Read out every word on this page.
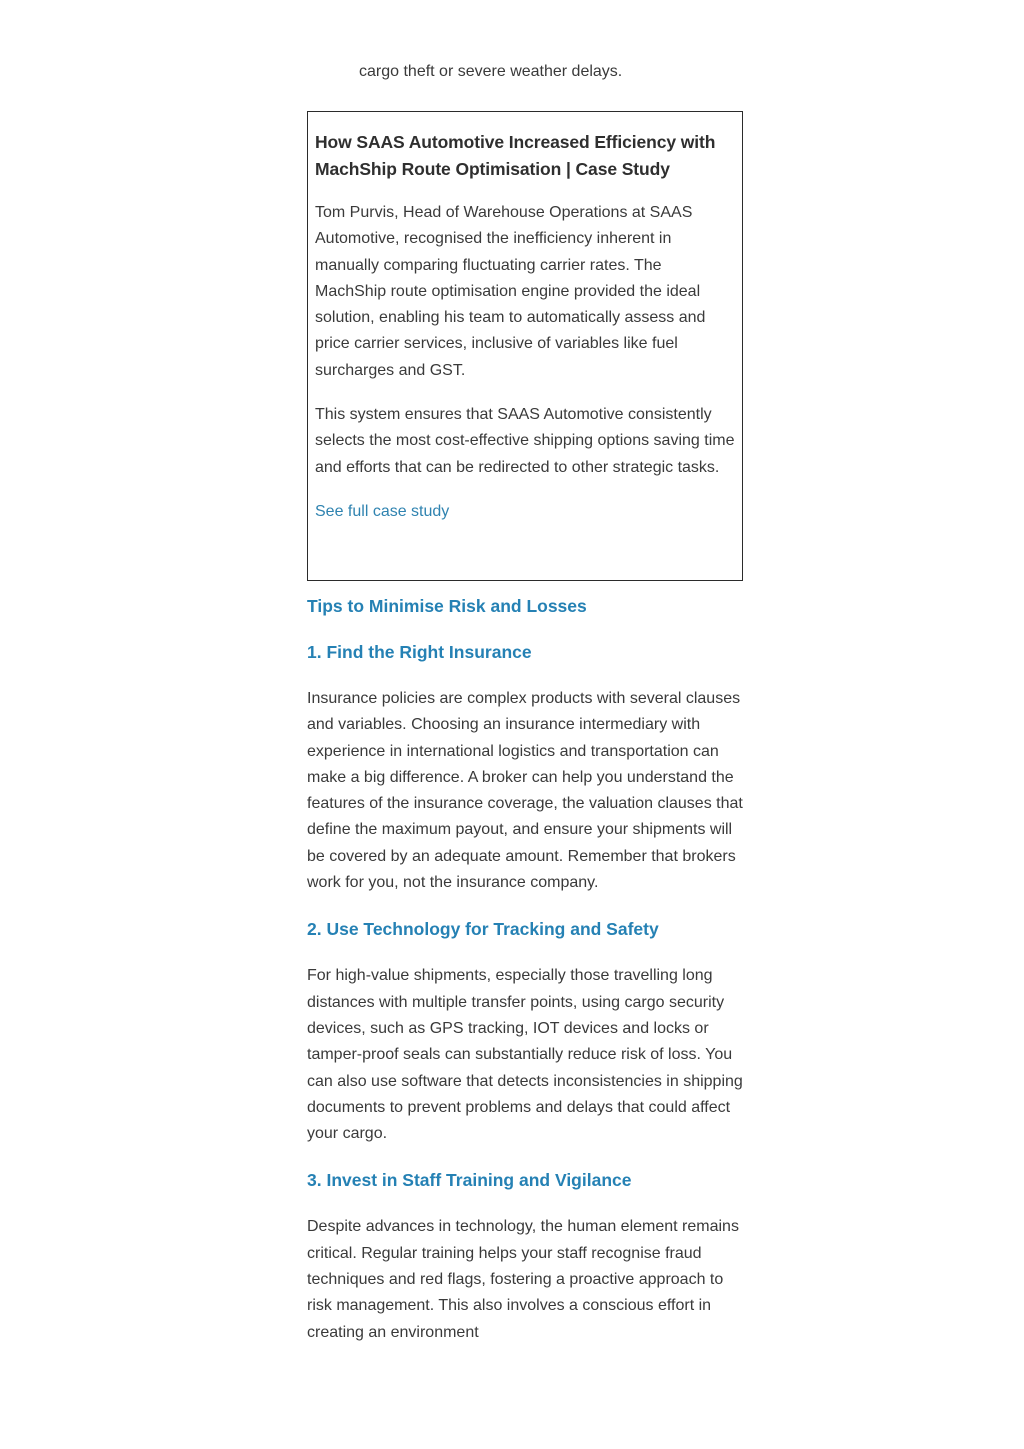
cargo theft or severe weather delays.

How SAAS Automotive Increased Efficiency with MachShip Route Optimisation | Case Study

Tom Purvis, Head of Warehouse Operations at SAAS Automotive, recognised the inefficiency inherent in manually comparing fluctuating carrier rates. The MachShip route optimisation engine provided the ideal solution, enabling his team to automatically assess and price carrier services, inclusive of variables like fuel surcharges and GST.

This system ensures that SAAS Automotive consistently selects the most cost-effective shipping options saving time and efforts that can be redirected to other strategic tasks.

See full case study
Tips to Minimise Risk and Losses
1. Find the Right Insurance

Insurance policies are complex products with several clauses and variables. Choosing an insurance intermediary with experience in international logistics and transportation can make a big difference. A broker can help you understand the features of the insurance coverage, the valuation clauses that define the maximum payout, and ensure your shipments will be covered by an adequate amount. Remember that brokers work for you, not the insurance company.

2. Use Technology for Tracking and Safety

For high-value shipments, especially those travelling long distances with multiple transfer points, using cargo security devices, such as GPS tracking, IOT devices and locks or tamper-proof seals can substantially reduce risk of loss. You can also use software that detects inconsistencies in shipping documents to prevent problems and delays that could affect your cargo.

3. Invest in Staff Training and Vigilance

Despite advances in technology, the human element remains critical. Regular training helps your staff recognise fraud techniques and red flags, fostering a proactive approach to risk management. This also involves a conscious effort in creating an environment
